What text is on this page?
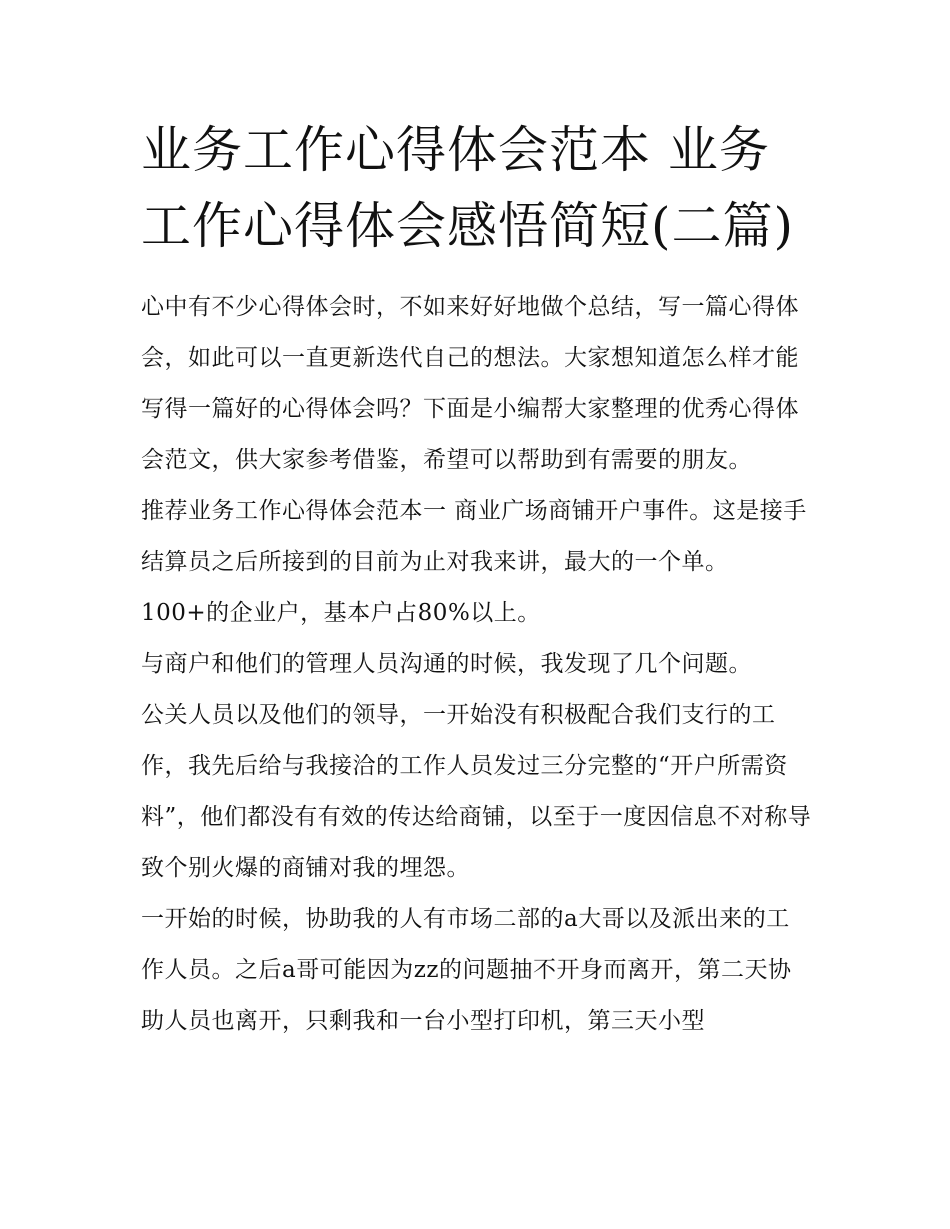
业务工作心得体会范本 业务工作心得体会感悟简短(二篇)

心中有不少心得体会时，不如来好好地做个总结，写一篇心得体会，如此可以一直更新迭代自己的想法。大家想知道怎么样才能写得一篇好的心得体会吗？下面是小编帮大家整理的优秀心得体会范文，供大家参考借鉴，希望可以帮助到有需要的朋友。

推荐业务工作心得体会范本一 商业广场商铺开户事件。这是接手结算员之后所接到的目前为止对我来讲，最大的一个单。100+的企业户，基本户占80%以上。

与商户和他们的管理人员沟通的时候，我发现了几个问题。

公关人员以及他们的领导，一开始没有积极配合我们支行的工作，我先后给与我接洽的工作人员发过三分完整的“开户所需资料”，他们都没有有效的传达给商铺，以至于一度因信息不对称导致个别火爆的商铺对我的埋怨。

一开始的时候，协助我的人有市场二部的a大哥以及派出来的工作人员。之后a哥可能因为zz的问题抽不开身而离开，第二天协助人员也离开，只剩我和一台小型打印机，第三天小型
